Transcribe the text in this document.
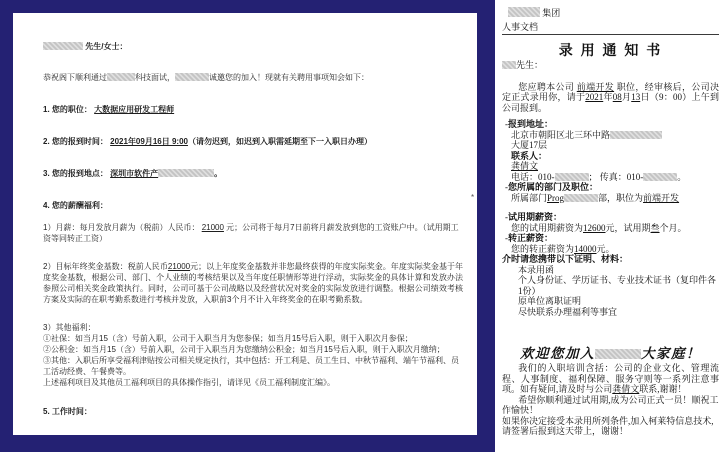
*
先生/女士：
恭祝阁下顺利通过	科技面试，	诚邀您的加入！现就有关聘用事项知会如下：
1. 您的职位： 大数据应用研发工程师
2. 您的报到时间： 2021年09月16日 9:00（请勿迟到，如迟到入职需延期至下一入职日办理）
3. 您的报到地点： 深圳市软件产	。
4. 您的薪酬福利：
1）月薪：每月发放月薪为（税前）人民币： 21000 元；公司将于每月7日前将月薪发放到您的工资账户中。（试用期工资等同转正工资）
2）目标年终奖金基数：税前人民币21000元；以上年度奖金基数并非您最终获得的年度实际奖金。年度实际奖金基于年度奖金基数，根据公司、部门、个人业绩的考核结果以及当年度任职情形等进行浮动，实际奖金的具体计算和发放办法参照公司相关奖金政策执行。同时，公司可基于公司战略以及经营状况对奖金的实际发放进行调整。根据公司绩效考核方案及实际的在职考勤系数进行考核并发放，入职前3个月不计入年终奖金的在职考勤系数。
3）其他福利：
①社保：如当月15（含）号前入职，公司于入职当月为您参保；如当月15号后入职，则于入职次月参保；
②公积金：如当月15（含）号前入职，公司于入职当月为您缴纳公积金；如当月15号后入职，则于入职次月缴纳；
③其他：入职后所享受福利津贴按公司相关规定执行，其中包括：开工利是、员工生日、中秋节福利、端午节福利、员工活动经费、午餐费等。
上述福利项目及其他员工福利项目的具体操作指引，请详见《员工福利制度汇编》。
5. 工作时间：
集团
人事文档
录 用 通 知 书
先生：
您应聘本公司 前端开发 职位，经审核后，公司决定正式录用你，请于2021年08月13日（9：00）上午到公司报到。
-报到地址：
北京市朝阳区北三环中路
大厦17层
联系人：
龚倩文
电话：010-	； 传真：010-	。
-您所属的部门及职位：
所属部门Prog	部，职位为前端开发
-试用期薪资：
您的试用期薪资为12600元，试用期叁个月。
-转正薪资：
您的转正薪资为14000元。
介时请您携带以下证明、材料：
本录用函
个人身份证、学历证书、专业技术证书（复印件各1份）
原单位离职证明
尽快联系办理福利等事宜
欢迎您加入	大家庭！
我们的入职培训含括：公司的企业文化、管理流程、人事制度、福利保障、服务守则等一系列注意事项。如有疑问,请及时与公司龚倩文联系,谢谢！
希望你顺利通过试用期,成为公司正式一员！顺祝工作愉快！
如果你决定接受本录用所列条件,加入柯莱特信息技术,请签署后报到这天带上，谢谢！
